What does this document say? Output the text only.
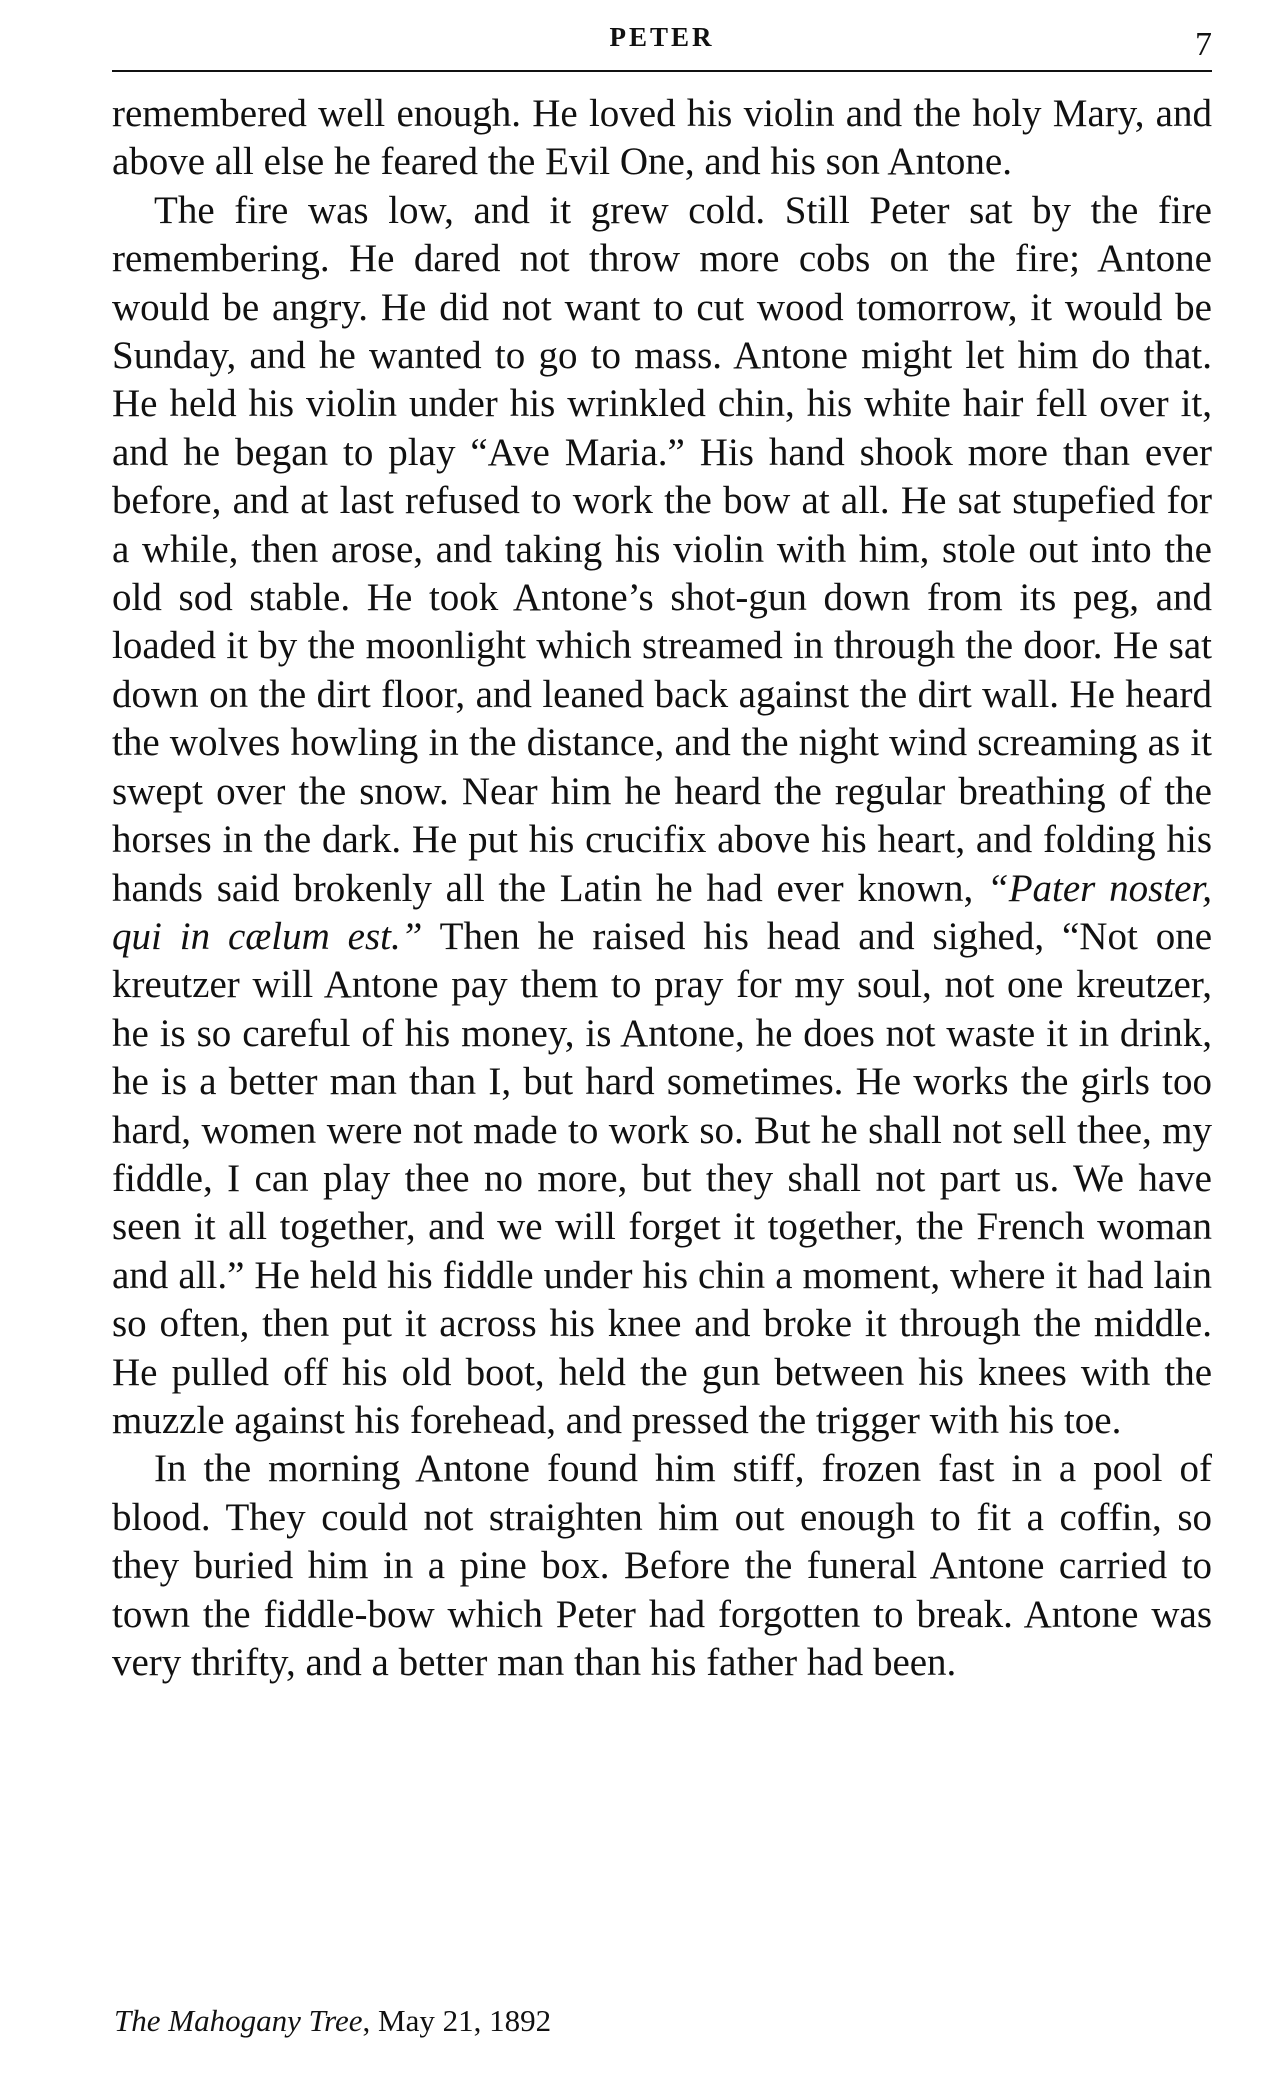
PETER	7

remembered well enough. He loved his violin and the holy Mary, and above all else he feared the Evil One, and his son Antone.

The fire was low, and it grew cold. Still Peter sat by the fire remembering. He dared not throw more cobs on the fire; Antone would be angry. He did not want to cut wood tomorrow, it would be Sunday, and he wanted to go to mass. Antone might let him do that. He held his violin under his wrinkled chin, his white hair fell over it, and he began to play “Ave Maria.” His hand shook more than ever before, and at last refused to work the bow at all. He sat stupefied for a while, then arose, and taking his violin with him, stole out into the old sod stable. He took Antone’s shot-gun down from its peg, and loaded it by the moonlight which streamed in through the door. He sat down on the dirt floor, and leaned back against the dirt wall. He heard the wolves howling in the distance, and the night wind screaming as it swept over the snow. Near him he heard the regular breathing of the horses in the dark. He put his crucifix above his heart, and folding his hands said brokenly all the Latin he had ever known, “Pater noster, qui in cælum est.” Then he raised his head and sighed, “Not one kreutzer will Antone pay them to pray for my soul, not one kreutzer, he is so careful of his money, is Antone, he does not waste it in drink, he is a better man than I, but hard sometimes. He works the girls too hard, women were not made to work so. But he shall not sell thee, my fiddle, I can play thee no more, but they shall not part us. We have seen it all together, and we will forget it together, the French woman and all.” He held his fiddle under his chin a moment, where it had lain so often, then put it across his knee and broke it through the middle. He pulled off his old boot, held the gun between his knees with the muzzle against his forehead, and pressed the trigger with his toe.

In the morning Antone found him stiff, frozen fast in a pool of blood. They could not straighten him out enough to fit a coffin, so they buried him in a pine box. Before the funeral Antone carried to town the fiddle-bow which Peter had forgotten to break. Antone was very thrifty, and a better man than his father had been.

The Mahogany Tree, May 21, 1892
